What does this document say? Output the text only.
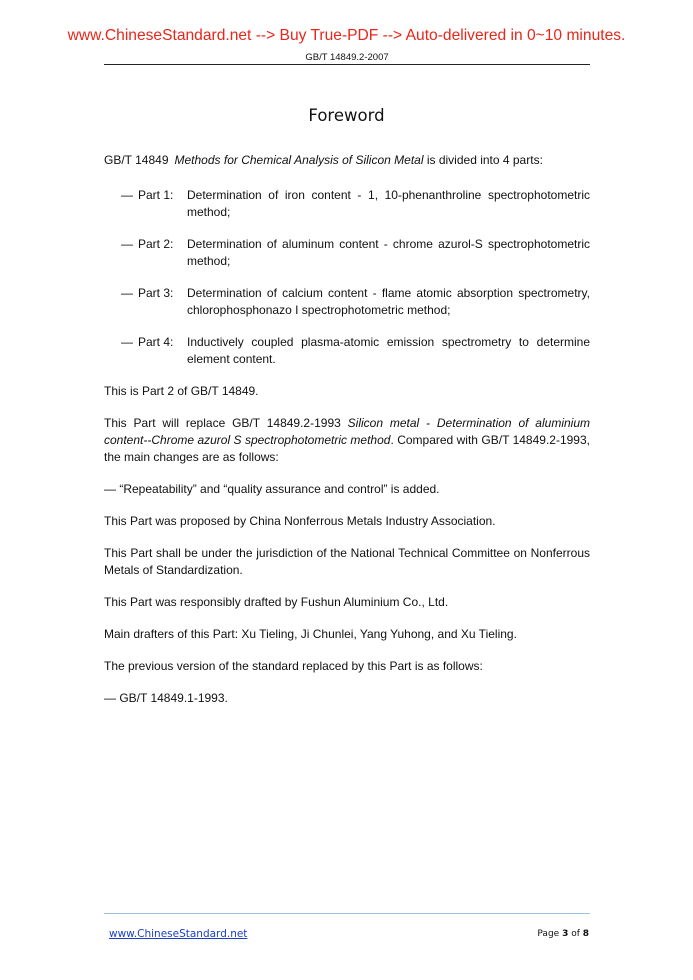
www.ChineseStandard.net --> Buy True-PDF --> Auto-delivered in 0~10 minutes.
GB/T 14849.2-2007
Foreword

GB/T 14849 Methods for Chemical Analysis of Silicon Metal is divided into 4 parts:

— Part 1:	Determination of iron content - 1, 10-phenanthroline spectrophotometric method;
— Part 2:	Determination of aluminum content - chrome azurol-S spectrophotometric method;
— Part 3:	Determination of calcium content - flame atomic absorption spectrometry, chlorophosphonazo I spectrophotometric method;
— Part 4:	Inductively coupled plasma-atomic emission spectrometry to determine element content.

This is Part 2 of GB/T 14849.

This Part will replace GB/T 14849.2-1993 Silicon metal - Determination of aluminium content--Chrome azurol S spectrophotometric method. Compared with GB/T 14849.2-1993, the main changes are as follows:

— “Repeatability” and “quality assurance and control” is added.

This Part was proposed by China Nonferrous Metals Industry Association.

This Part shall be under the jurisdiction of the National Technical Committee on Nonferrous Metals of Standardization.

This Part was responsibly drafted by Fushun Aluminium Co., Ltd.

Main drafters of this Part: Xu Tieling, Ji Chunlei, Yang Yuhong, and Xu Tieling.

The previous version of the standard replaced by this Part is as follows:

— GB/T 14849.1-1993.

www.ChineseStandard.net	Page 3 of 8
